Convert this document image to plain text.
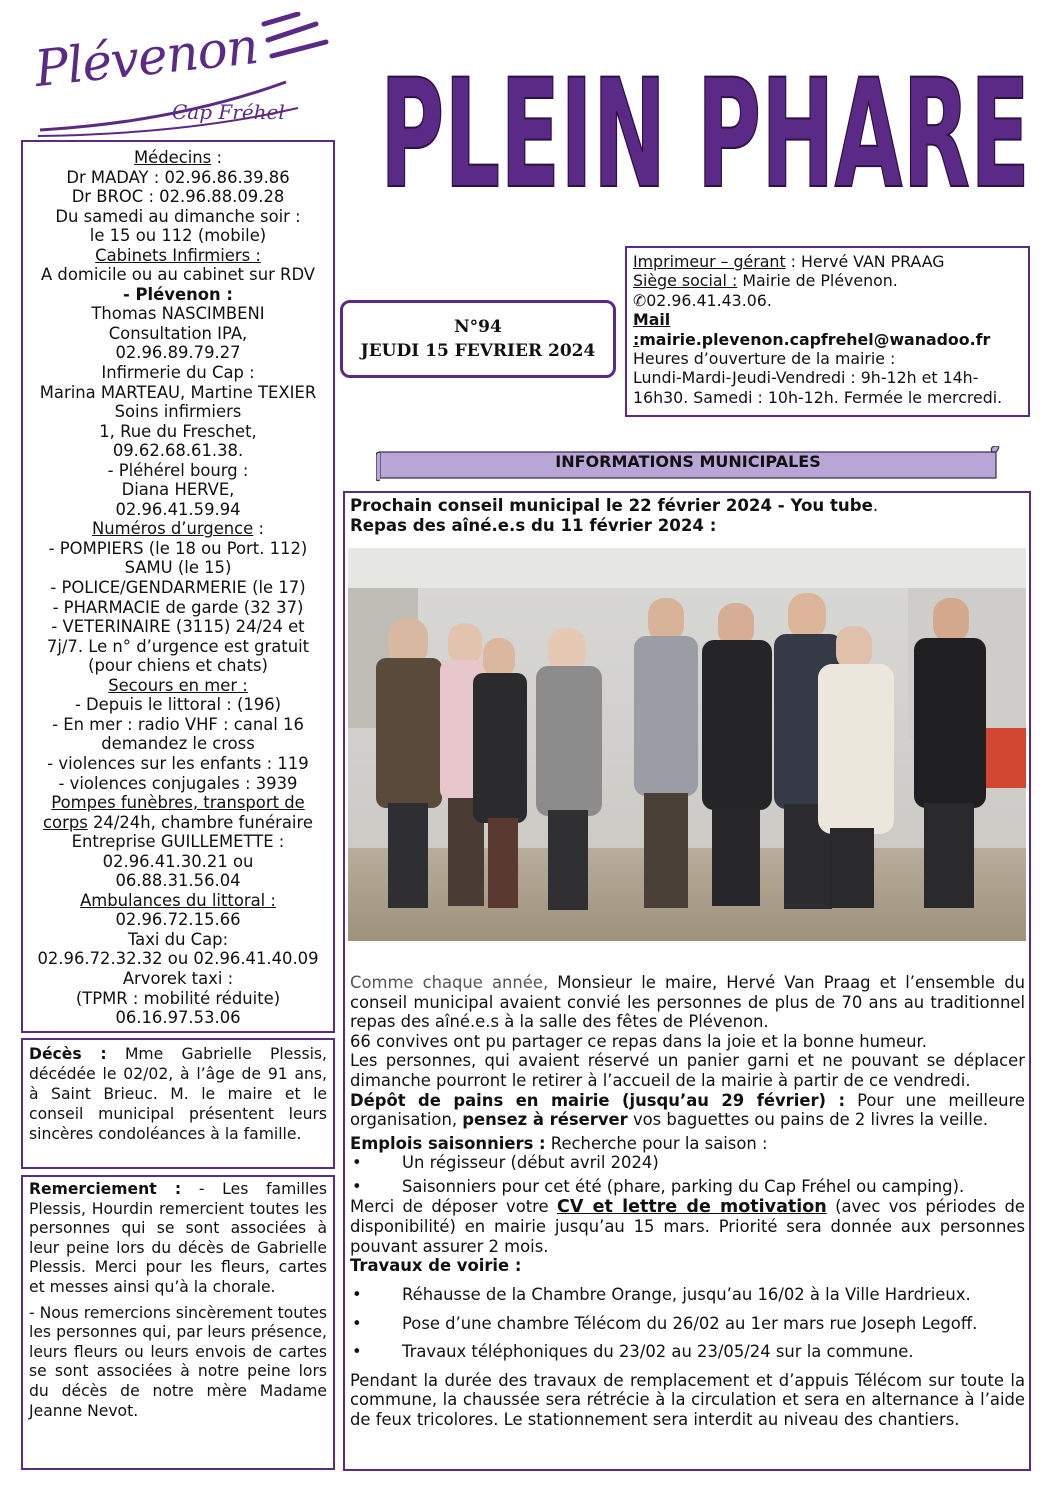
Plévenon
Cap Fréhel PLEIN PHARE
Médecins :
Dr MADAY : 02.96.86.39.86
Dr BROC : 02.96.88.09.28
Du samedi au dimanche soir :
le 15 ou 112 (mobile)
Cabinets Infirmiers :
A domicile ou au cabinet sur RDV
- Plévenon :
Thomas NASCIMBENI
Consultation IPA,
02.96.89.79.27
Infirmerie du Cap :
Marina MARTEAU, Martine TEXIER
Soins infirmiers
1, Rue du Freschet,
09.62.68.61.38.
- Pléhérel bourg :
Diana HERVE,
02.96.41.59.94
Numéros d’urgence :
- POMPIERS (le 18 ou Port. 112)
SAMU (le 15)
- POLICE/GENDARMERIE (le 17)
- PHARMACIE de garde (32 37)
- VETERINAIRE (3115) 24/24 et
7j/7. Le n° d’urgence est gratuit
(pour chiens et chats)
Secours en mer :
- Depuis le littoral : (196)
- En mer : radio VHF : canal 16
demandez le cross
- violences sur les enfants : 119
- violences conjugales : 3939
Pompes funèbres, transport de
corps 24/24h, chambre funéraire
Entreprise GUILLEMETTE :
02.96.41.30.21 ou
06.88.31.56.04
Ambulances du littoral :
02.96.72.15.66
Taxi du Cap:
02.96.72.32.32 ou 02.96.41.40.09
Arvorek taxi :
(TPMR : mobilité réduite)
06.16.97.53.06
Décès : Mme Gabrielle Plessis, décédée le 02/02, à l’âge de 91 ans, à Saint Brieuc. M. le maire et le conseil municipal présentent leurs sincères condoléances à la famille.

Remerciement : - Les familles Plessis, Hourdin remercient toutes les personnes qui se sont associées à leur peine lors du décès de Gabrielle Plessis. Merci pour les fleurs, cartes et messes ainsi qu’à la chorale.

- Nous remercions sincèrement toutes les personnes qui, par leurs présence, leurs fleurs ou leurs envois de cartes se sont associées à notre peine lors du décès de notre mère Madame Jeanne Nevot.

N°94
JEUDI 15 FEVRIER 2024
Imprimeur – gérant : Hervé VAN PRAAG
Siège social : Mairie de Plévenon.
✆02.96.41.43.06.
Mail :mairie.plevenon.capfrehel@wanadoo.fr
Heures d’ouverture de la mairie :
Lundi-Mardi-Jeudi-Vendredi : 9h-12h et 14h-16h30. Samedi : 10h-12h. Fermée le mercredi.
INFORMATIONS MUNICIPALES
Prochain conseil municipal le 22 février 2024 - You tube.
Repas des aîné.e.s du 11 février 2024 :

Comme chaque année, Monsieur le maire, Hervé Van Praag et l’ensemble du conseil municipal avaient convié les personnes de plus de 70 ans au traditionnel repas des aîné.e.s à la salle des fêtes de Plévenon.

66 convives ont pu partager ce repas dans la joie et la bonne humeur.

Les personnes, qui avaient réservé un panier garni et ne pouvant se déplacer dimanche pourront le retirer à l’accueil de la mairie à partir de ce vendredi.

Dépôt de pains en mairie (jusqu’au 29 février) : Pour une meilleure organisation, pensez à réserver vos baguettes ou pains de 2 livres la veille.

Emplois saisonniers : Recherche pour la saison :

•	Un régisseur (début avril 2024)
•	Saisonniers pour cet été (phare, parking du Cap Fréhel ou camping).

Merci de déposer votre CV et lettre de motivation (avec vos périodes de disponibilité) en mairie jusqu’au 15 mars. Priorité sera donnée aux personnes pouvant assurer 2 mois.

Travaux de voirie :

•	Réhausse de la Chambre Orange, jusqu’au 16/02 à la Ville Hardrieux.
•	Pose d’une chambre Télécom du 26/02 au 1er mars rue Joseph Legoff.
•	Travaux téléphoniques du 23/02 au 23/05/24 sur la commune.

Pendant la durée des travaux de remplacement et d’appuis Télécom sur toute la commune, la chaussée sera rétrécie à la circulation et sera en alternance à l’aide de feux tricolores. Le stationnement sera interdit au niveau des chantiers.
